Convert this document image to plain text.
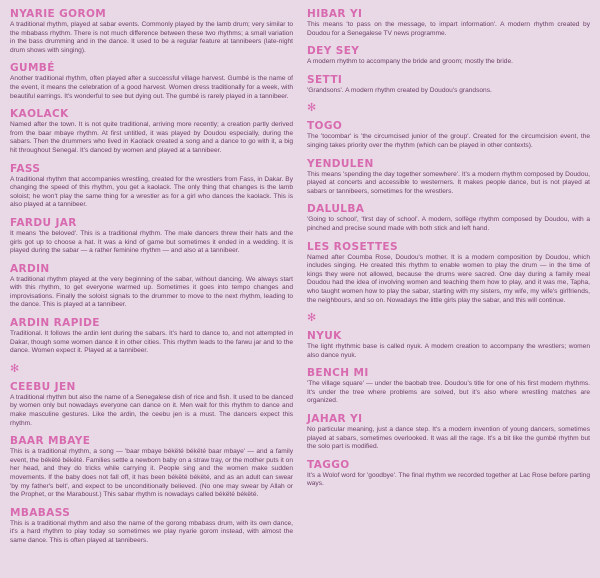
NYARIE GOROM

A traditional rhythm, played at sabar events. Commonly played by the lamb drum; very similar to the mbabass rhythm. There is not much difference between these two rhythms; a small variation in the bass drumming and in the dance. It used to be a regular feature at tannibeers (late-night drum shows with singing).

GUMBÉ

Another traditional rhythm, often played after a successful village harvest. Gumbé is the name of the event, it means the celebration of a good harvest. Women dress traditionally for a week, with beautiful earrings. It's wonderful to see but dying out. The gumbé is rarely played in a tannibeer.

KAOLACK

Named after the town. It is not quite traditional, arriving more recently; a creation partly derived from the baar mbaye rhythm. At first untitled, it was played by Doudou especially, during the sabars. Then the drummers who lived in Kaolack created a song and a dance to go with it, a big hit throughout Senegal. It's danced by women and played at a tannibeer.

FASS

A traditional rhythm that accompanies wrestling, created for the wrestlers from Fass, in Dakar. By changing the speed of this rhythm, you get a kaolack. The only thing that changes is the lamb soloist; he won't play the same thing for a wrestler as for a girl who dances the kaolack. This is also played at a tannibeer.

FARDU JAR

It means 'the beloved'. This is a traditional rhythm. The male dancers threw their hats and the girls got up to choose a hat. It was a kind of game but sometimes it ended in a wedding. It is played during the sabar — a rather feminine rhythm — and also at a tannibeer.

ARDIN

A traditional rhythm played at the very beginning of the sabar, without dancing. We always start with this rhythm, to get everyone warmed up. Sometimes it goes into tempo changes and improvisations. Finally the soloist signals to the drummer to move to the next rhythm, leading to the dance. This is played at a tannibeer.

ARDIN RAPIDE

Traditional. It follows the ardin lent during the sabars. It's hard to dance to, and not attempted in Dakar, though some women dance it in other cities. This rhythm leads to the farwu jar and to the dance. Women expect it. Played at a tannibeer.

✻
CEEBU JEN

A traditional rhythm but also the name of a Senegalese dish of rice and fish. It used to be danced by women only but nowadays everyone can dance on it. Men wait for this rhythm to dance and make masculine gestures. Like the ardin, the ceebu jen is a must. The dancers expect this rhythm.

BAAR MBAYE

This is a traditional rhythm, a song — 'baar mbaye békëté békëté baar mbaye' — and a family event, the békëté békëté. Families settle a newborn baby on a straw tray, or the mother puts it on her head, and they do tricks while carrying it. People sing and the women make sudden movements. If the baby does not fall off, it has been békëté békëté, and as an adult can swear 'by my father's belt', and expect to be unconditionally believed. (No one may swear by Allah or the Prophet, or the Maraboust.) This sabar rhythm is nowadays called békëté békëté.

MBABASS

This is a traditional rhythm and also the name of the gorong mbabass drum, with its own dance, it's a hard rhythm to play today so sometimes we play nyarie gorom instead, with almost the same dance. This is often played at tannibeers.

HIBAR YI

This means 'to pass on the message, to impart information'. A modern rhythm created by Doudou for a Senegalese TV news programme.

DEY SEY

A modern rhythm to accompany the bride and groom; mostly the bride.

SETTI

'Grandsons'. A modern rhythm created by Doudou's grandsons.

✻
TOGO

The 'tocombar' is 'the circumcised junior of the group'. Created for the circumcision event, the singing takes priority over the rhythm (which can be played in other contexts).

YENDULEN

This means 'spending the day together somewhere'. It's a modern rhythm composed by Doudou, played at concerts and accessible to westerners. It makes people dance, but is not played at sabars or tannibeers, sometimes for the wrestlers.

DALULBA

'Going to school', 'first day of school'. A modern, solfège rhythm composed by Doudou, with a pinched and precise sound made with both stick and left hand.

LES ROSETTES

Named after Coumba Rose, Doudou's mother. It is a modern composition by Doudou, which includes singing. He created this rhythm to enable women to play the drum — in the time of kings they were not allowed, because the drums were sacred. One day during a family meal Doudou had the idea of involving women and teaching them how to play, and it was me, Tapha, who taught women how to play the sabar, starting with my sisters, my wife, my wife's girlfriends, the neighbours, and so on. Nowadays the little girls play the sabar, and this will continue.

✻
NYUK

The light rhythmic base is called nyuk. A modern creation to accompany the wrestlers; women also dance nyuk.

BENCH MI

'The village square' — under the baobab tree. Doudou's title for one of his first modern rhythms. It's under the tree where problems are solved, but it's also where wrestling matches are organized.

JAHAR YI

No particular meaning, just a dance step. It's a modern invention of young dancers, sometimes played at sabars, sometimes overlooked. It was all the rage. It's a bit like the gumbé rhythm but the solo part is modified.

TAGGO

It's a Wolof word for 'goodbye'. The final rhythm we recorded together at Lac Rose before parting ways.
